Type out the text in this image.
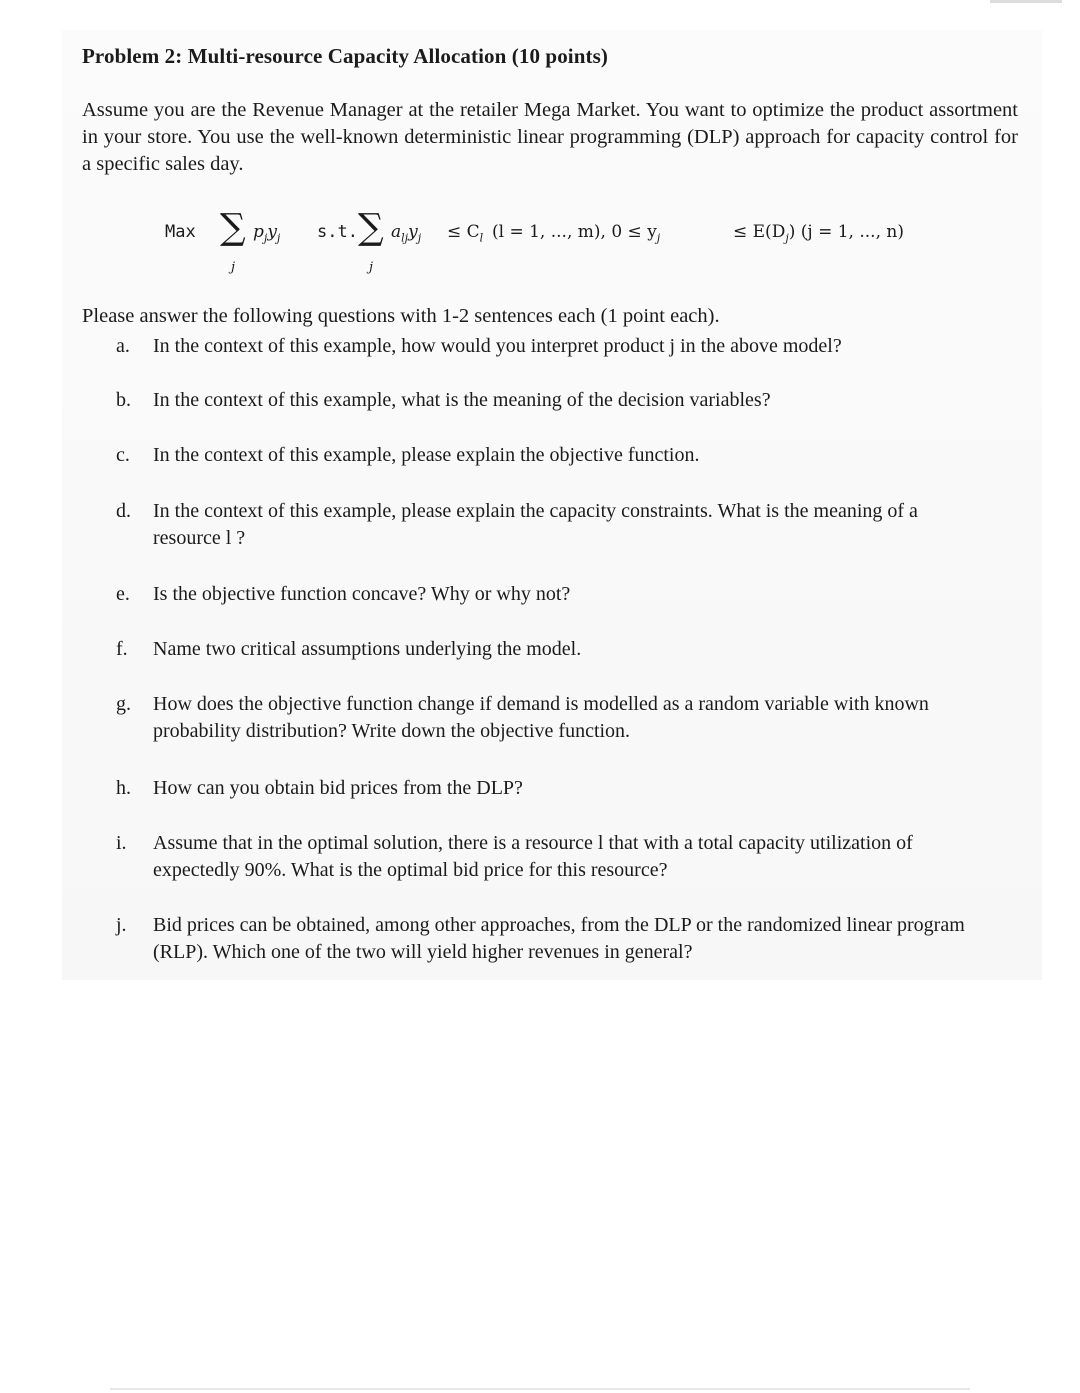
Problem 2: Multi-resource Capacity Allocation (10 points)
Assume you are the Revenue Manager at the retailer Mega Market. You want to optimize the product assortment in your store. You use the well-known deterministic linear programming (DLP) approach for capacity control for a specific sales day.
Max ∑
j
$p_jy_j$ s.t. ∑
j
$a_{lj}y_j \le C_l$ (l = 1, ..., m), $0 \le y_j$	≤ $E(D_j) (j = 1$, ..., n)
Please answer the following questions with 1-2 sentences each (1 point each).
a. In the context of this example, how would you interpret product j in the above model?
b. In the context of this example, what is the meaning of the decision variables?
c. In the context of this example, please explain the objective function.
d. In the context of this example, please explain the capacity constraints. What is the meaning of a resource l ?
e. Is the objective function concave? Why or why not?
f. Name two critical assumptions underlying the model.
g. How does the objective function change if demand is modelled as a random variable with known probability distribution? Write down the objective function.
h. How can you obtain bid prices from the DLP?
i. Assume that in the optimal solution, there is a resource l that with a total capacity utilization of expectedly 90%. What is the optimal bid price for this resource?
j. Bid prices can be obtained, among other approaches, from the DLP or the randomized linear program (RLP). Which one of the two will yield higher revenues in general?
